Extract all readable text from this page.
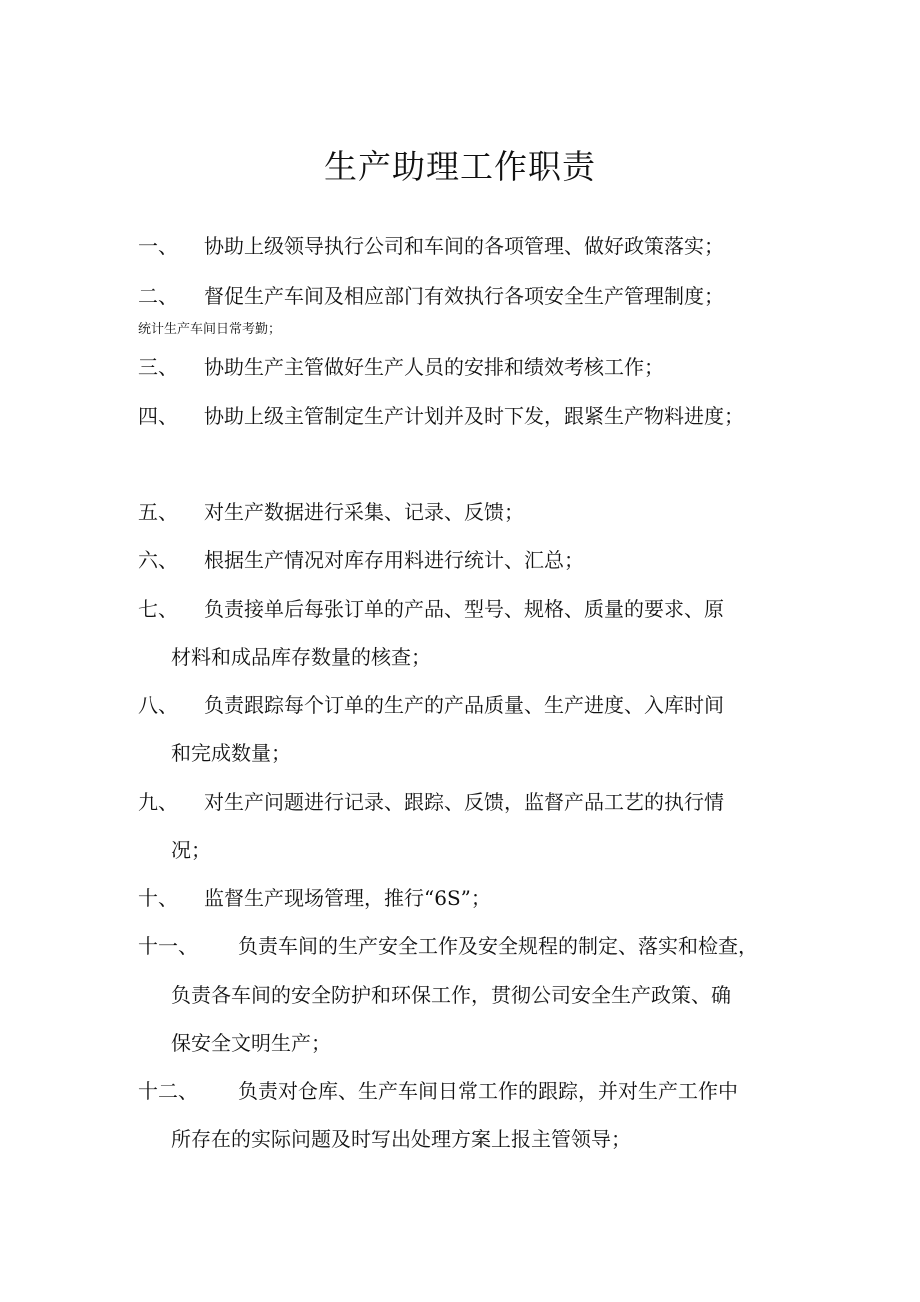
生产助理工作职责
一、 协助上级领导执行公司和车间的各项管理、做好政策落实；
二、 督促生产车间及相应部门有效执行各项安全生产管理制度；
统计生产车间日常考勤；
三、 协助生产主管做好生产人员的安排和绩效考核工作；
四、 协助上级主管制定生产计划并及时下发，跟紧生产物料进度；
五、 对生产数据进行采集、记录、反馈；
六、 根据生产情况对库存用料进行统计、汇总；
七、 负责接单后每张订单的产品、型号、规格、质量的要求、原
材料和成品库存数量的核查；
八、 负责跟踪每个订单的生产的产品质量、生产进度、入库时间
和完成数量；
九、 对生产问题进行记录、跟踪、反馈，监督产品工艺的执行情
况；
十、 监督生产现场管理，推行“6S”；
十一、 负责车间的生产安全工作及安全规程的制定、落实和检查，
负责各车间的安全防护和环保工作，贯彻公司安全生产政策、确
保安全文明生产；
十二、 负责对仓库、生产车间日常工作的跟踪，并对生产工作中
所存在的实际问题及时写出处理方案上报主管领导；
